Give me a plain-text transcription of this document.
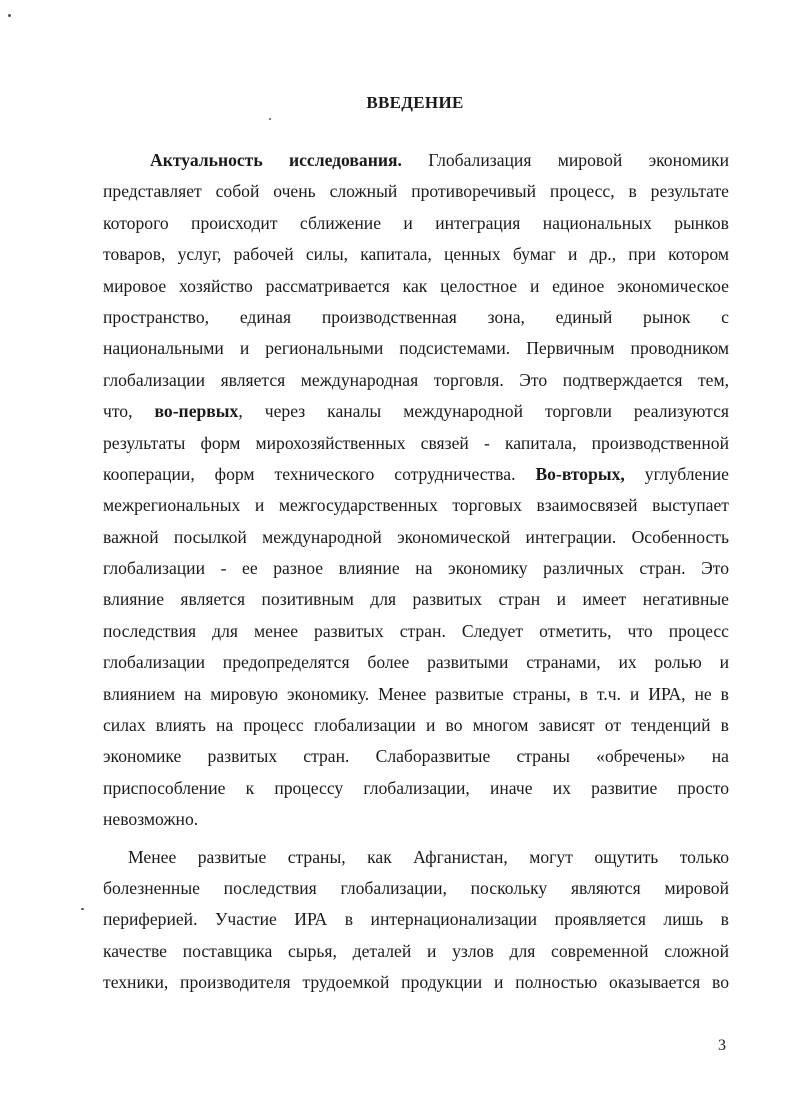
ВВЕДЕНИЕ
Актуальность исследования. Глобализация мировой экономики
представляет собой очень сложный противоречивый процесс, в результате
которого происходит сближение и интеграция национальных рынков
товаров, услуг, рабочей силы, капитала, ценных бумаг и др., при котором
мировое хозяйство рассматривается как целостное и единое экономическое
пространство, единая производственная зона, единый рынок с
национальными и региональными подсистемами. Первичным проводником
глобализации является международная торговля. Это подтверждается тем,
что, во-первых, через каналы международной торговли реализуются
результаты форм мирохозяйственных связей - капитала, производственной
кооперации, форм технического сотрудничества. Во-вторых, углубление
межрегиональных и межгосударственных торговых взаимосвязей выступает
важной посылкой международной экономической интеграции. Особенность
глобализации - ее разное влияние на экономику различных стран. Это
влияние является позитивным для развитых стран и имеет негативные
последствия для менее развитых стран. Следует отметить, что процесс
глобализации предопределятся более развитыми странами, их ролью и
влиянием на мировую экономику. Менее развитые страны, в т.ч. и ИРА, не в
силах влиять на процесс глобализации и во многом зависят от тенденций в
экономике развитых стран. Слаборазвитые страны «обречены» на
приспособление к процессу глобализации, иначе их развитие просто
невозможно.
Менее развитые страны, как Афганистан, могут ощутить только
болезненные последствия глобализации, поскольку являются мировой
периферией. Участие ИРА в интернационализации проявляется лишь в
качестве поставщика сырья, деталей и узлов для современной сложной
техники, производителя трудоемкой продукции и полностью оказывается во
3
